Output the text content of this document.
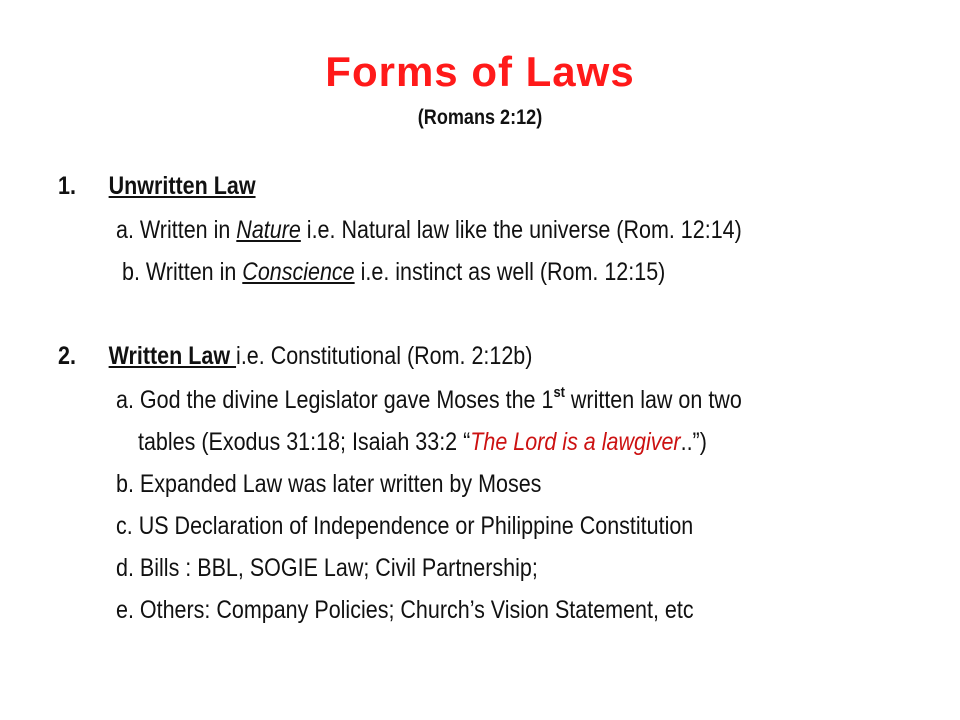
Forms of Laws
(Romans 2:12)
1. Unwritten Law
a. Written in Nature i.e. Natural law like the universe (Rom. 12:14)
b. Written in Conscience i.e. instinct as well (Rom. 12:15)
2. Written Law i.e. Constitutional (Rom. 2:12b)
a. God the divine Legislator gave Moses the 1st written law on two
tables (Exodus 31:18; Isaiah 33:2 “The Lord is a lawgiver..”)
b. Expanded Law was later written by Moses
c. US Declaration of Independence or Philippine Constitution
d. Bills : BBL, SOGIE Law; Civil Partnership;
e. Others: Company Policies; Church’s Vision Statement, etc
